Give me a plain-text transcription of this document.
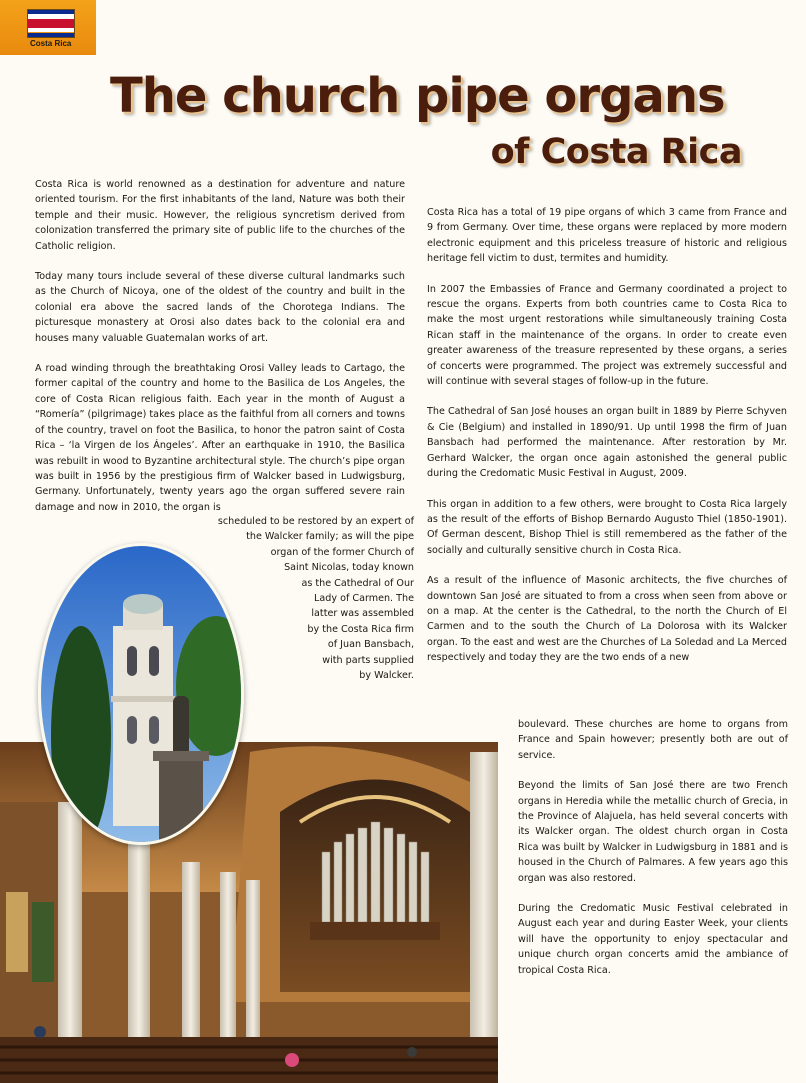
Costa Rica
The church pipe organs
of Costa Rica

Costa Rica is world renowned as a destination for adventure and nature oriented tourism. For the first inhabitants of the land, Nature was both their temple and their music. However, the religious syncretism derived from colonization transferred the primary site of public life to the churches of the Catholic religion.

Today many tours include several of these diverse cultural landmarks such as the Church of Nicoya, one of the oldest of the country and built in the colonial era above the sacred lands of the Chorotega Indians. The picturesque monastery at Orosi also dates back to the colonial era and houses many valuable Guatemalan works of art.

A road winding through the breathtaking Orosi Valley leads to Cartago, the former capital of the country and home to the Basilica de Los Angeles, the core of Costa Rican religious faith. Each year in the month of August a “Romería” (pilgrimage) takes place as the faithful from all corners and towns of the country, travel on foot the Basilica, to honor the patron saint of Costa Rica – ‘la Virgen de los Ángeles’. After an earthquake in 1910, the Basilica was rebuilt in wood to Byzantine architectural style. The church’s pipe organ was built in 1956 by the prestigious firm of Walcker based in Ludwigsburg, Germany. Unfortunately, twenty years ago the organ suffered severe rain damage and now in 2010, the organ is

scheduled to be restored by an expert of
the Walcker family; as will the pipe
organ of the former Church of
Saint Nicolas, today known
as the Cathedral of Our
Lady of Carmen. The
latter was assembled
by the Costa Rica firm
of Juan Bansbach,
with parts supplied
by Walcker.

Costa Rica has a total of 19 pipe organs of which 3 came from France and 9 from Germany. Over time, these organs were replaced by more modern electronic equipment and this priceless treasure of historic and religious heritage fell victim to dust, termites and humidity.

In 2007 the Embassies of France and Germany coordinated a project to rescue the organs. Experts from both countries came to Costa Rica to make the most urgent restorations while simultaneously training Costa Rican staff in the maintenance of the organs. In order to create even greater awareness of the treasure represented by these organs, a series of concerts were programmed. The project was extremely successful and will continue with several stages of follow-up in the future.

The Cathedral of San José houses an organ built in 1889 by Pierre Schyven & Cie (Belgium) and installed in 1890/91. Up until 1998 the firm of Juan Bansbach had performed the maintenance. After restoration by Mr. Gerhard Walcker, the organ once again astonished the general public during the Credomatic Music Festival in August, 2009.

This organ in addition to a few others, were brought to Costa Rica largely as the result of the efforts of Bishop Bernardo Augusto Thiel (1850-1901). Of German descent, Bishop Thiel is still remembered as the father of the socially and culturally sensitive church in Costa Rica.

As a result of the influence of Masonic architects, the five churches of downtown San José are situated to from a cross when seen from above or on a map. At the center is the Cathedral, to the north the Church of El Carmen and to the south the Church of La Dolorosa with its Walcker organ. To the east and west are the Churches of La Soledad and La Merced respectively and today they are the two ends of a new

boulevard. These churches are home to organs from France and Spain however; presently both are out of service.

Beyond the limits of San José there are two French organs in Heredia while the metallic church of Grecia, in the Province of Alajuela, has held several concerts with its Walcker organ. The oldest church organ in Costa Rica was built by Walcker in Ludwigsburg in 1881 and is housed in the Church of Palmares. A few years ago this organ was also restored.

During the Credomatic Music Festival celebrated in August each year and during Easter Week, your clients will have the opportunity to enjoy spectacular and unique church organ concerts amid the ambiance of tropical Costa Rica.
